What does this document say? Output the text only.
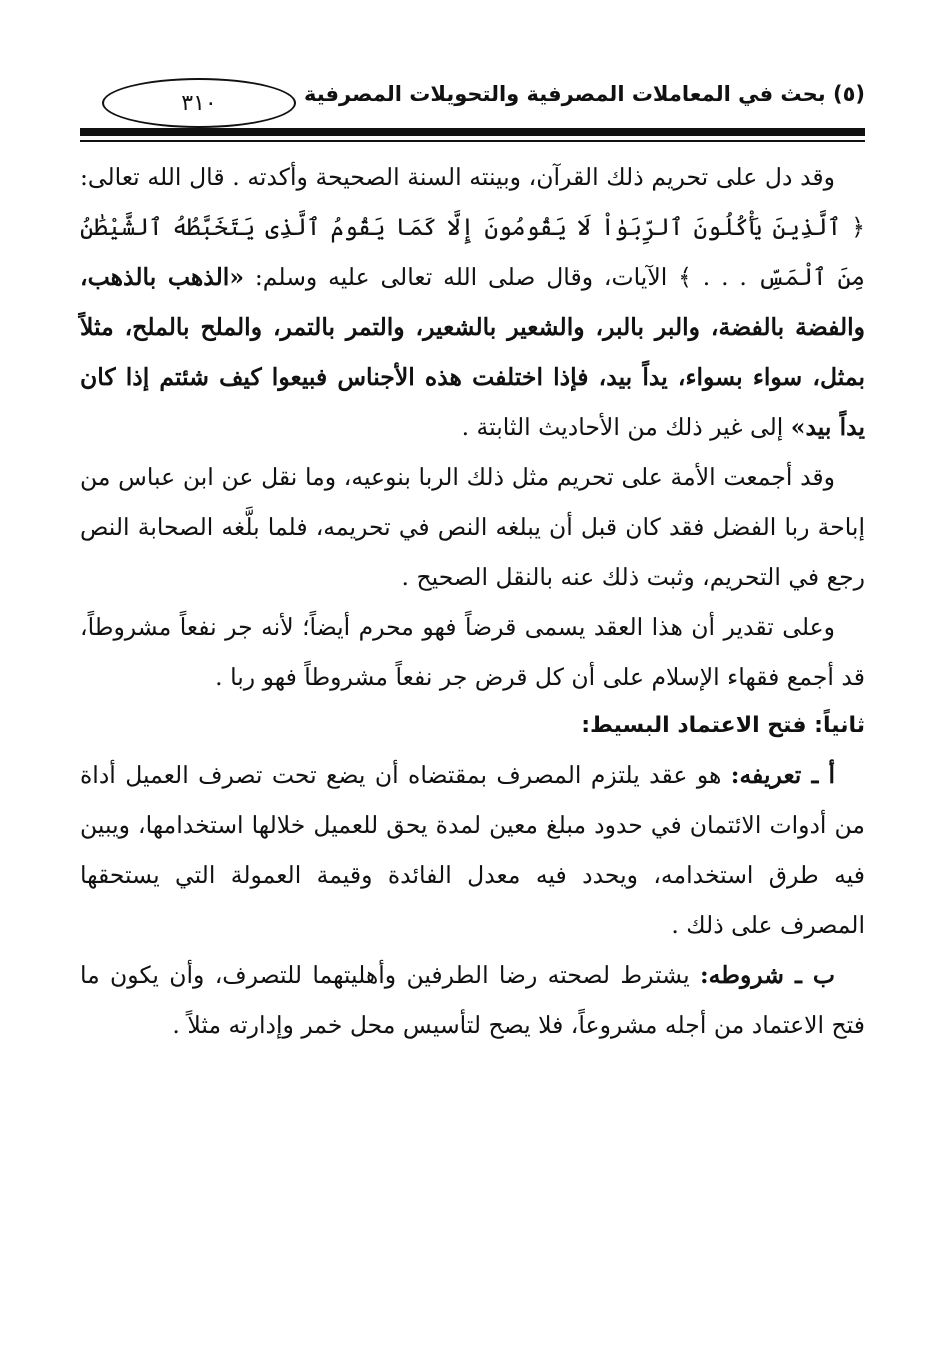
(٥) بحث في المعاملات المصرفية والتحويلات المصرفية
٣١٠

وقد دل على تحريم ذلك القرآن، وبينته السنة الصحيحة وأكدته . قال الله تعالى: ﴿ ٱلَّذِينَ يَأْكُلُونَ ٱلرِّبَوٰاْ لَا يَقُومُونَ إِلَّا كَمَا يَقُومُ ٱلَّذِى يَتَخَبَّطُهُ ٱلشَّيْطَٰنُ مِنَ ٱلْمَسِّ . . . ﴾ الآيات، وقال صلى الله تعالى عليه وسلم: «الذهب بالذهب، والفضة بالفضة، والبر بالبر، والشعير بالشعير، والتمر بالتمر، والملح بالملح، مثلاً بمثل، سواء بسواء، يداً بيد، فإذا اختلفت هذه الأجناس فبيعوا كيف شئتم إذا كان يداً بيد» إلى غير ذلك من الأحاديث الثابتة .

وقد أجمعت الأمة على تحريم مثل ذلك الربا بنوعيه، وما نقل عن ابن عباس من إباحة ربا الفضل فقد كان قبل أن يبلغه النص في تحريمه، فلما بلَّغه الصحابة النص رجع في التحريم، وثبت ذلك عنه بالنقل الصحيح .

وعلى تقدير أن هذا العقد يسمى قرضاً فهو محرم أيضاً؛ لأنه جر نفعاً مشروطاً، قد أجمع فقهاء الإسلام على أن كل قرض جر نفعاً مشروطاً فهو ربا .

ثانياً: فتح الاعتماد البسيط:

أ ـ تعريفه: هو عقد يلتزم المصرف بمقتضاه أن يضع تحت تصرف العميل أداة من أدوات الائتمان في حدود مبلغ معين لمدة يحق للعميل خلالها استخدامها، ويبين فيه طرق استخدامه، ويحدد فيه معدل الفائدة وقيمة العمولة التي يستحقها المصرف على ذلك .

ب ـ شروطه: يشترط لصحته رضا الطرفين وأهليتهما للتصرف، وأن يكون ما فتح الاعتماد من أجله مشروعاً، فلا يصح لتأسيس محل خمر وإدارته مثلاً .
